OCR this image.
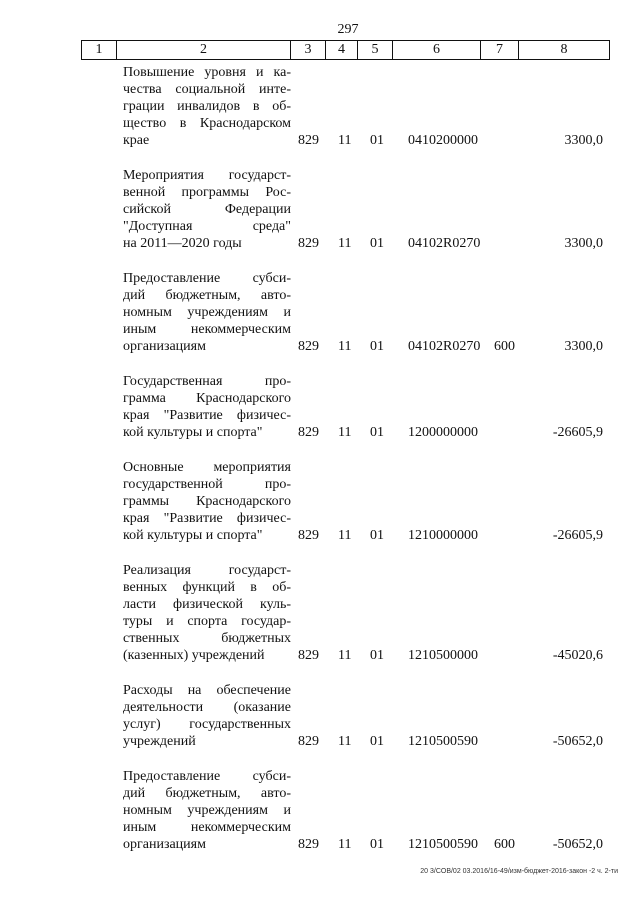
297
1	2	3	4	5	6	7	8
Повышение уровня и ка-
чества социальной инте-
грации инвалидов в об-
щество в Краснодарском
крае	829 11 01 0410200000	3300,0
Мероприятия государст-
венной программы Рос-
сийской Федерации
"Доступная среда"
на 2011—2020 годы	829 11 01 04102R0270	3300,0
Предоставление субси-
дий бюджетным, авто-
номным учреждениям и
иным некоммерческим
организациям	829 11 01 04102R0270 600	3300,0
Государственная про-
грамма Краснодарского
края "Развитие физичес-
кой культуры и спорта"	829 11 01 1200000000	-26605,9
Основные мероприятия
государственной про-
граммы Краснодарского
края "Развитие физичес-
кой культуры и спорта"	829 11 01 1210000000	-26605,9
Реализация государст-
венных функций в об-
ласти физической куль-
туры и спорта государ-
ственных бюджетных
(казенных) учреждений	829 11 01 1210500000	-45020,6
Расходы на обеспечение
деятельности (оказание
услуг) государственных
учреждений	829 11 01 1210500590	-50652,0
Предоставление субси-
дий бюджетным, авто-
номным учреждениям и
иным некоммерческим
организациям	829 11 01 1210500590 600	-50652,0
20 3/COB/02 03.2016/16-49/изм-бюджет-2016-закон -2 ч. 2-ти
